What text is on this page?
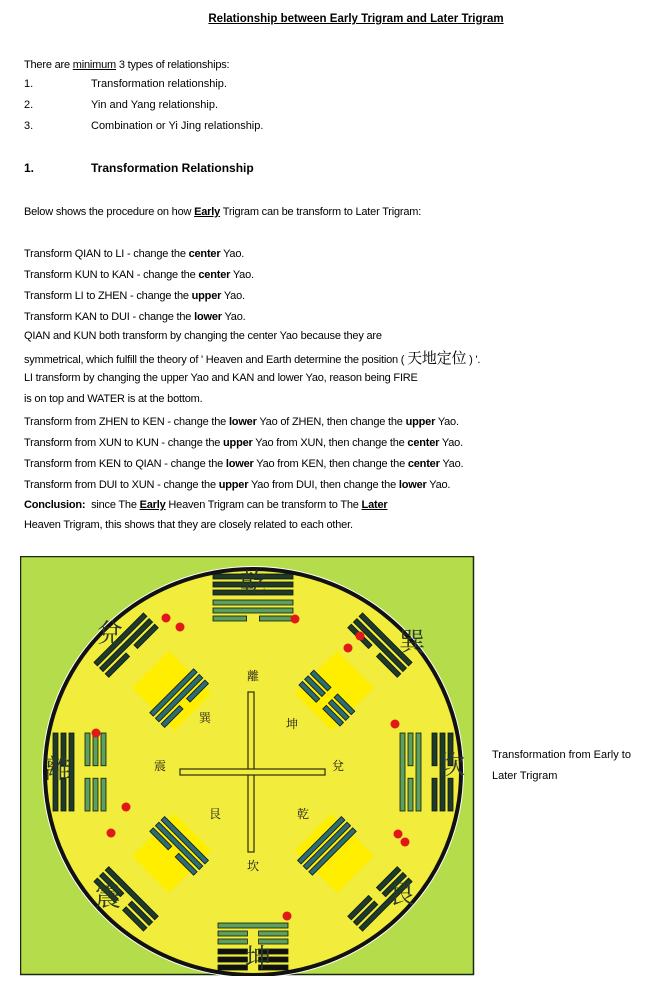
Relationship between Early Trigram and Later Trigram
There are minimum 3 types of relationships:
1.	Transformation relationship.
2.	Yin and Yang relationship.
3.	Combination or Yi Jing relationship.
1.	Transformation Relationship
Below shows the procedure on how Early Trigram can be transform to Later Trigram:
Transform QIAN to LI - change the center Yao.
Transform KUN to KAN - change the center Yao.
Transform LI to ZHEN - change the upper Yao.
Transform KAN to DUI - change the lower Yao.
QIAN and KUN both transform by changing the center Yao because they are
symmetrical, which fulfill the theory of ' Heaven and Earth determine the position ( 天地定位 ) '.
LI transform by changing the upper Yao and KAN and lower Yao, reason being FIRE
is on top and WATER is at the bottom.
Transform from ZHEN to KEN - change the lower Yao of ZHEN, then change the upper Yao.
Transform from XUN to KUN - change the upper Yao from XUN, then change the center Yao.
Transform from KEN to QIAN - change the lower Yao from KEN, then change the center Yao.
Transform from DUI to XUN - change the upper Yao from DUI, then change the lower Yao.
Conclusion:  since The Early Heaven Trigram can be transform to The Later
Heaven Trigram, this shows that they are closely related to each other.
乾
巽
坎
艮
坤
震
離
兌
離
坤
兌
乾
坎
艮
震
巽
Transformation from Early to
Later Trigram
